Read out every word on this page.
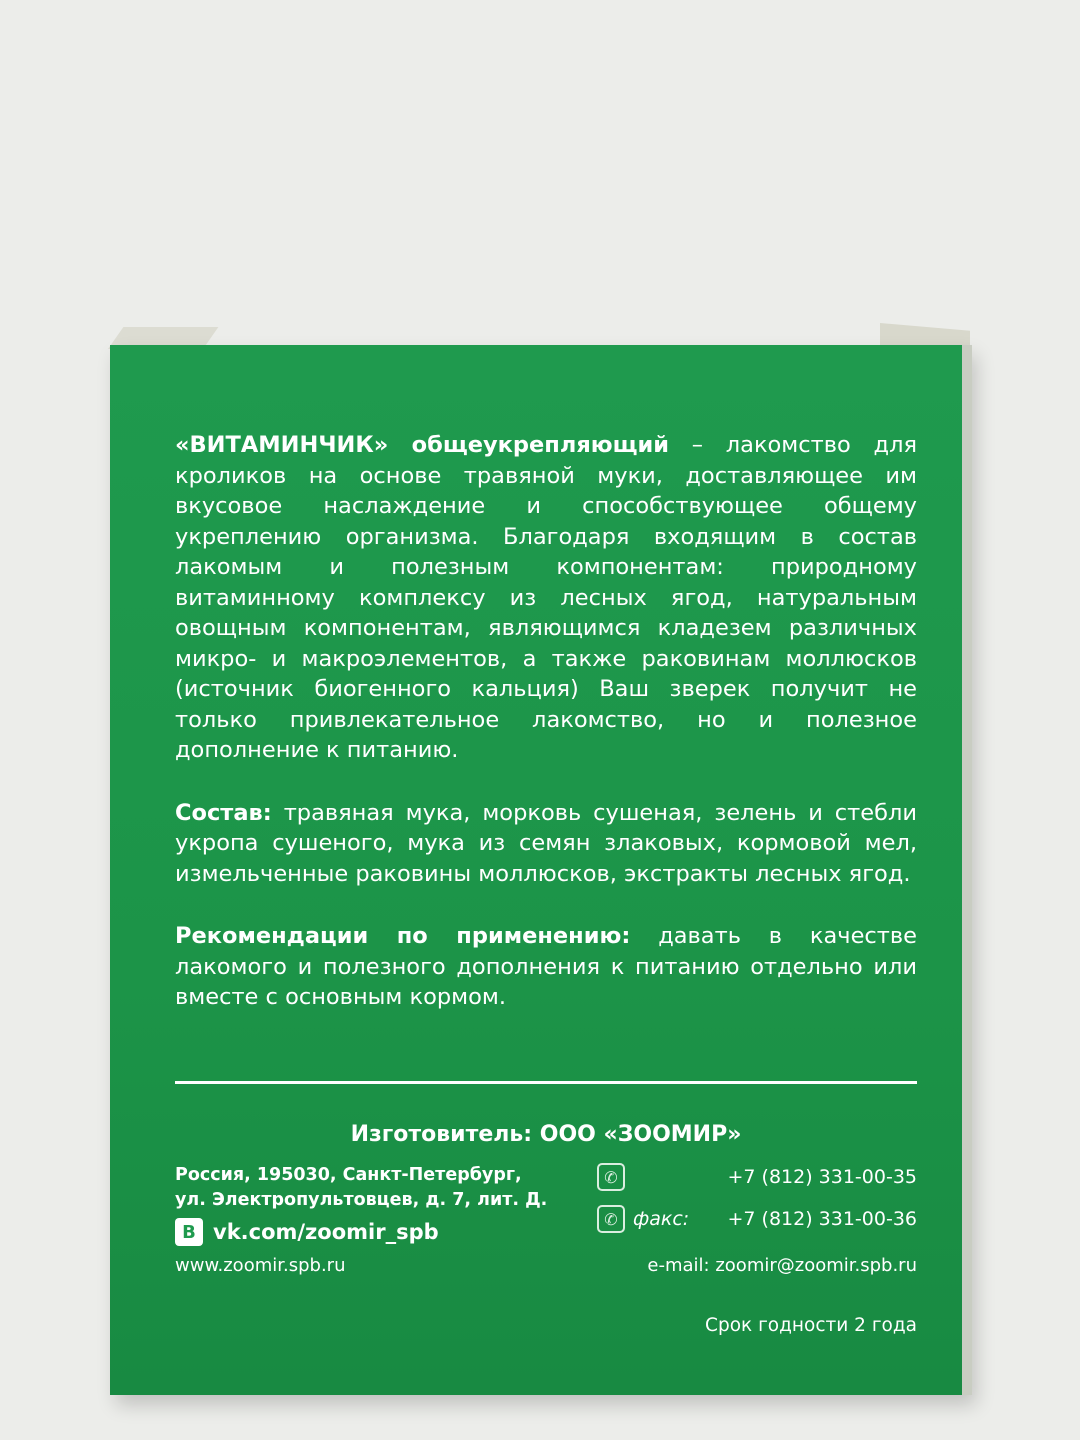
«ВИТАМИНЧИК» общеукрепляющий – лакомство для кроликов на основе травяной муки, доставляющее им вкусовое наслаждение и способствующее общему укреплению организма. Благодаря входящим в состав лакомым и полезным компонентам: природному витаминному комплексу из лесных ягод, натуральным овощным компонентам, являющимся кладезем различных микро- и макроэлементов, а также раковинам моллюсков (источник биогенного кальция) Ваш зверек получит не только привлекательное лакомство, но и полезное дополнение к питанию.

Состав: травяная мука, морковь сушеная, зелень и стебли укропа сушеного, мука из семян злаковых, кормовой мел, измельченные раковины моллюсков, экстракты лесных ягод.

Рекомендации по применению: давать в качестве лакомого и полезного дополнения к питанию отдельно или вместе с основным кормом.

Изготовитель: ООО «ЗООМИР»
Россия, 195030, Санкт-Петербург,
ул. Электропультовцев, д. 7, лит. Д.
В vk.com/zoomir_spb
www.zoomir.spb.ru
✆	+7 (812) 331-00-35
✆ факс: +7 (812) 331-00-36
e-mail: zoomir@zoomir.spb.ru
Срок годности 2 года
